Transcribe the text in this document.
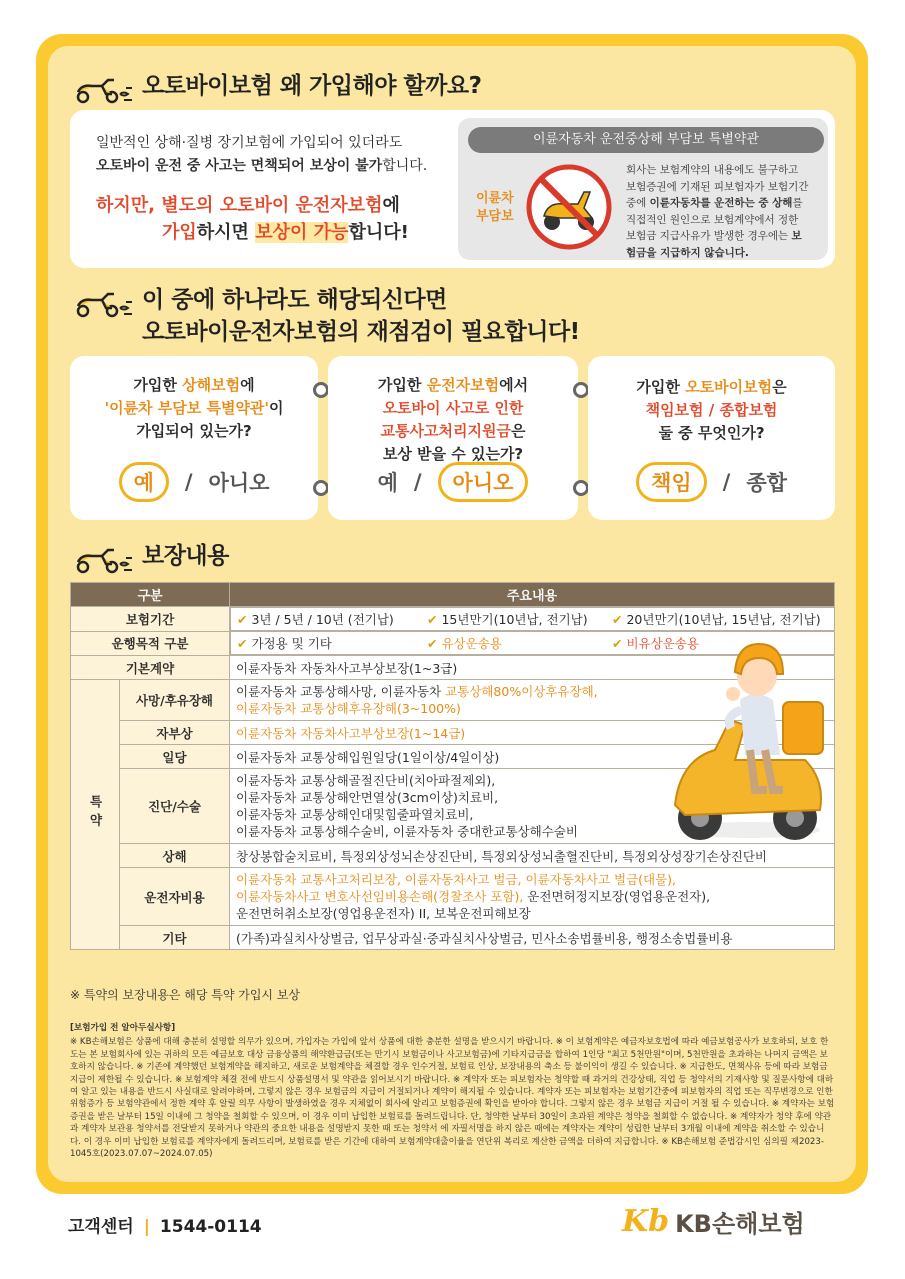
오토바이보험 왜 가입해야 할까요?
일반적인 상해·질병 장기보험에 가입되어 있더라도
오토바이 운전 중 사고는 면책되어 보상이 불가합니다.
하지만, 별도의 오토바이 운전자보험에
가입하시면 보상이 가능합니다!
이륜자동차 운전중상해 부담보 특별약관
이륜차
부담보
회사는 보험계약의 내용에도 불구하고
보험증권에 기재된 피보험자가 보험기간
중에 이륜자동차를 운전하는 중 상해를
직접적인 원인으로 보험계약에서 정한
보험금 지급사유가 발생한 경우에는 보
험금을 지급하지 않습니다.
이 중에 하나라도 해당되신다면
오토바이운전자보험의 재점검이 필요합니다!
가입한 상해보험에
'이륜차 부담보 특별약관'이
가입되어 있는가?
예	/ 아니오
가입한 운전자보험에서
오토바이 사고로 인한
교통사고처리지원금은
보상 받을 수 있는가?
예 /	아니오
가입한 오토바이보험은
책임보험 / 종합보험
둘 중 무엇인가?
책임	/ 종합
보장내용
구분		주요내용
보험기간		✔ 3년 / 5년 / 10년 (전기납)	✔ 15년만기(10년납, 전기납)	✔ 20년만기(10년납, 15년납, 전기납)

운행목적 구분		✔ 가정용 및 기타	✔ 유상운송용	✔ 비유상운송용

기본계약		이륜자동차 자동차사고부상보장(1~3급)
특약	사망/후유장해	이륜자동차 교통상해사망, 이륜자동차 교통상해80%이상후유장해,
이륜자동차 교통상해후유장해(3~100%)

	자부상	이륜자동차 자동차사고부상보장(1~14급)
	일당	이륜자동차 교통상해입원일당(1일이상/4일이상)
	진단/수술	이륜자동차 교통상해골절진단비(치아파절제외),
이륜자동차 교통상해안면열상(3cm이상)치료비,
이륜자동차 교통상해인대및힘줄파열치료비,
이륜자동차 교통상해수술비, 이륜자동차 중대한교통상해수술비

	상해	창상봉합술치료비, 특정외상성뇌손상진단비, 특정외상성뇌출혈진단비, 특정외상성장기손상진단비
	운전자비용	이륜자동차 교통사고처리보장, 이륜자동차사고 벌금, 이륜자동차사고 벌금(대물),
이륜자동차사고 변호사선임비용손해(경찰조사 포함), 운전면허정지보장(영업용운전자),
운전면허취소보장(영업용운전자) II, 보복운전피해보장

	기타	(가족)과실치사상벌금, 업무상과실·중과실치사상벌금, 민사소송법률비용, 행정소송법률비용
※ 특약의 보장내용은 해당 특약 가입시 보상
[보험가입 전 알아두실사항]
※ KB손해보험은 상품에 대해 충분히 설명할 의무가 있으며, 가입자는 가입에 앞서 상품에 대한 충분한 설명을 받으시기 바랍니다. ※ 이 보험계약은 예금자보호법에 따라 예금보험공사가 보호하되, 보호 한도는 본 보험회사에 있는 귀하의 모든 예금보호 대상 금융상품의 해약환급금(또는 만기시 보험금이나 사고보험금)에 기타지급금을 합하여 1인당 "최고 5천만원"이며, 5천만원을 초과하는 나머지 금액은 보호하지 않습니다. ※ 기존에 계약했던 보험계약을 해지하고, 새로운 보험계약을 체결할 경우 인수거절, 보험료 인상, 보장내용의 축소 등 불이익이 생길 수 있습니다. ※ 지급한도, 면책사유 등에 따라 보험금 지급이 제한될 수 있습니다. ※ 보험계약 체결 전에 반드시 상품설명서 및 약관을 읽어보시기 바랍니다. ※ 계약자 또는 피보험자는 청약할 때 과거의 건강상태, 직업 등 청약서의 기재사항 및 질문사항에 대하여 알고 있는 내용을 반드시 사실대로 알려야하며, 그렇지 않은 경우 보험금의 지급이 거절되거나 계약이 해지될 수 있습니다. 계약자 또는 피보험자는 보험기간중에 피보험자의 직업 또는 직무변경으로 인한 위험증가 등 보험약관에서 정한 계약 후 알릴 의무 사항이 발생하였을 경우 지체없이 회사에 알리고 보험증권에 확인을 받아야 합니다. 그렇지 않은 경우 보험금 지급이 거절 될 수 있습니다. ※ 계약자는 보험증권을 받은 날부터 15일 이내에 그 청약을 철회할 수 있으며, 이 경우 이미 납입한 보험료를 돌려드립니다. 단, 청약한 날부터 30일이 초과된 계약은 청약을 철회할 수 없습니다. ※ 계약자가 청약 후에 약관과 계약자 보관용 청약서를 전달받지 못하거나 약관의 중요한 내용을 설명받지 못한 때 또는 청약서 에 자필서명을 하지 않은 때에는 계약자는 계약이 성립한 날부터 3개월 이내에 계약을 취소할 수 있습니다. 이 경우 이미 납입한 보험료를 계약자에게 돌려드리며, 보험료를 받은 기간에 대하여 보험계약대출이율을 연단위 복리로 계산한 금액을 더하여 지급합니다. ※ KB손해보험 준법감시인 심의필 제2023-1045호(2023.07.07~2024.07.05)
고객센터 | 1544-0114	Kb KB손해보험
